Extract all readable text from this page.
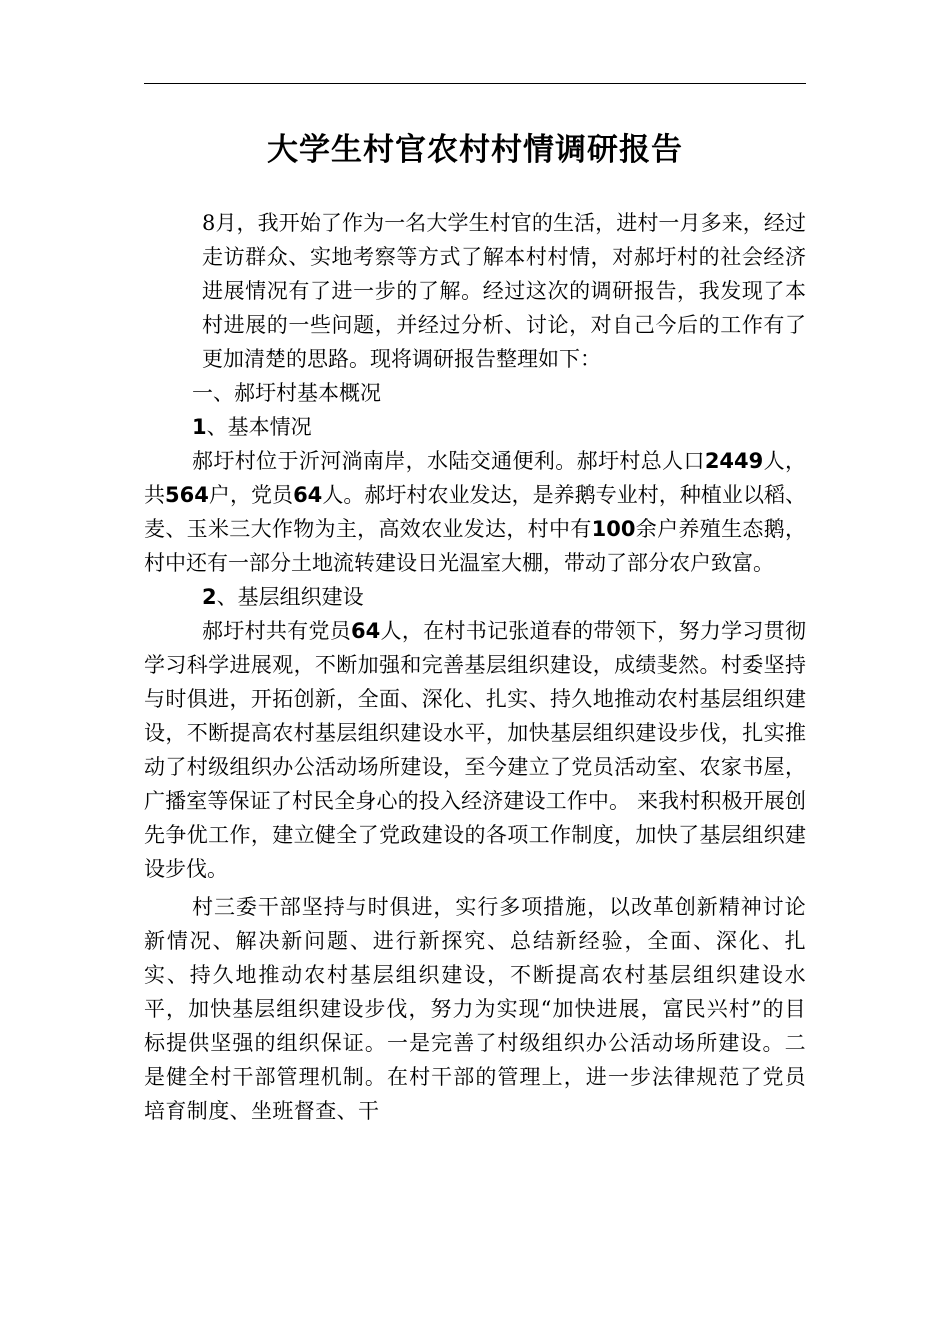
大学生村官农村村情调研报告

8月，我开始了作为一名大学生村官的生活，进村一月多来，经过走访群众、实地考察等方式了解本村村情，对郝圩村的社会经济进展情况有了进一步的了解。经过这次的调研报告，我发现了本村进展的一些问题，并经过分析、讨论，对自己今后的工作有了更加清楚的思路。现将调研报告整理如下：

一、郝圩村基本概况

1、基本情况

郝圩村位于沂河淌南岸，水陆交通便利。郝圩村总人口2449人，共564户，党员64人。郝圩村农业发达，是养鹅专业村，种植业以稻、麦、玉米三大作物为主，高效农业发达，村中有100余户养殖生态鹅，村中还有一部分土地流转建设日光温室大棚，带动了部分农户致富。

2、基层组织建设

郝圩村共有党员64人，在村书记张道春的带领下，努力学习贯彻学习科学进展观，不断加强和完善基层组织建设，成绩斐然。村委坚持与时俱进，开拓创新，全面、深化、扎实、持久地推动农村基层组织建设，不断提高农村基层组织建设水平，加快基层组织建设步伐，扎实推动了村级组织办公活动场所建设，至今建立了党员活动室、农家书屋，广播室等保证了村民全身心的投入经济建设工作中。 来我村积极开展创先争优工作，建立健全了党政建设的各项工作制度，加快了基层组织建设步伐。

村三委干部坚持与时俱进，实行多项措施，以改革创新精神讨论新情况、解决新问题、进行新探究、总结新经验，全面、深化、扎实、持久地推动农村基层组织建设，不断提高农村基层组织建设水平，加快基层组织建设步伐，努力为实现“加快进展，富民兴村”的目标提供坚强的组织保证。一是完善了村级组织办公活动场所建设。二是健全村干部管理机制。在村干部的管理上，进一步法律规范了党员培育制度、坐班督查、干
